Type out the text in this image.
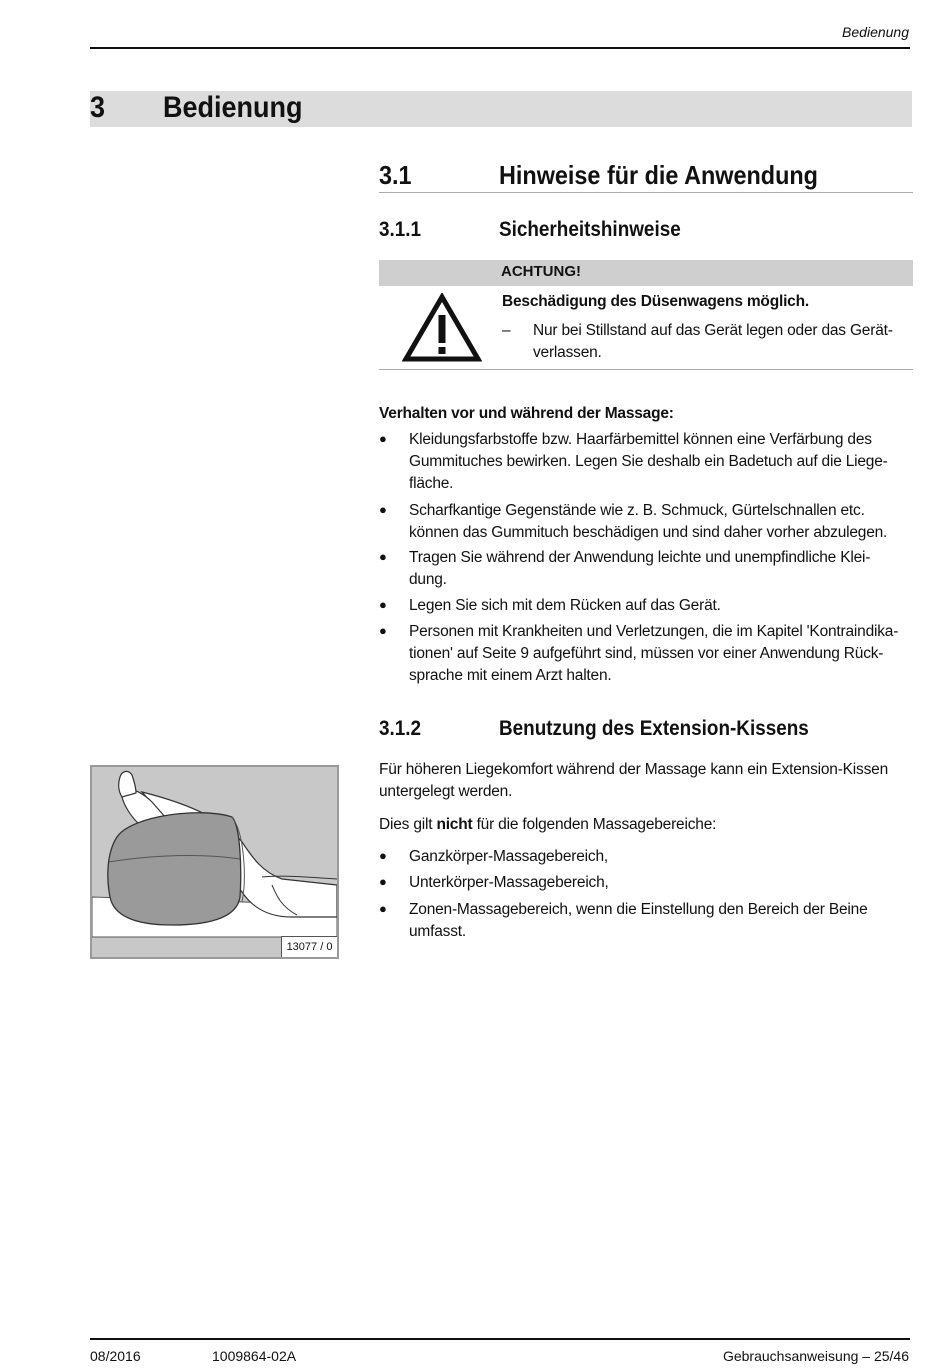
Bedienung
3 Bedienung
3.1	Hinweise für die Anwendung
3.1.1	Sicherheitshinweise
ACHTUNG!
Beschädigung des Düsenwagens möglich.
– Nur bei Stillstand auf das Gerät legen oder das Gerät-
verlassen.
Verhalten vor und während der Massage:
● Kleidungsfarbstoffe bzw. Haarfärbemittel können eine Verfärbung des
Gummituches bewirken. Legen Sie deshalb ein Badetuch auf die Liege-
fläche.
● Scharfkantige Gegenstände wie z. B. Schmuck, Gürtelschnallen etc.
können das Gummituch beschädigen und sind daher vorher abzulegen.
● Tragen Sie während der Anwendung leichte und unempfindliche Klei-
dung.
● Legen Sie sich mit dem Rücken auf das Gerät.
● Personen mit Krankheiten und Verletzungen, die im Kapitel 'Kontraindika-
tionen' auf Seite 9 aufgeführt sind, müssen vor einer Anwendung Rück-
sprache mit einem Arzt halten.
3.1.2	Benutzung des Extension-Kissens
Für höheren Liegekomfort während der Massage kann ein Extension-Kissen
untergelegt werden.
Dies gilt nicht für die folgenden Massagebereiche:
● Ganzkörper-Massagebereich,
● Unterkörper-Massagebereich,
● Zonen-Massagebereich, wenn die Einstellung den Bereich der Beine
umfasst.
13077 / 0
08/2016	1009864-02A	Gebrauchsanweisung – 25/46
